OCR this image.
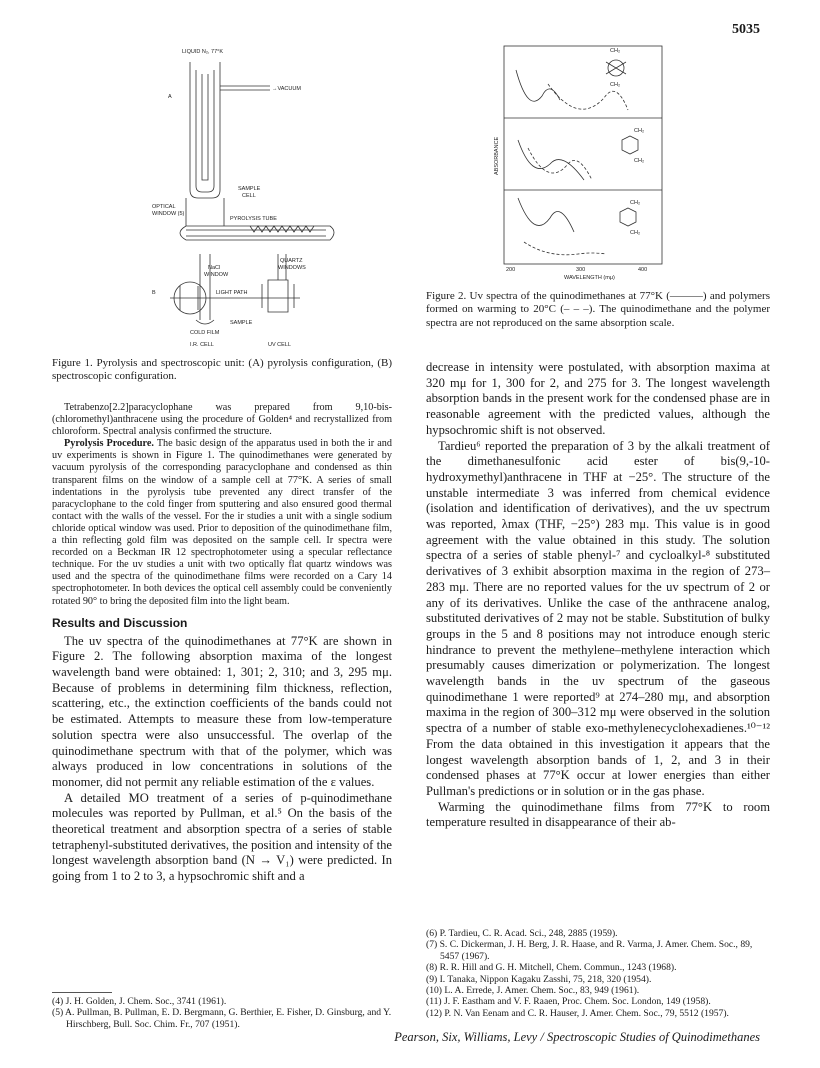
5035
LIQUID N₂, 77°K
→VACUUM
A
SAMPLE
CELL
OPTICAL
WINDOW (5)
PYROLYSIS TUBE
QUARTZ
WINDOWS
NaCl
WINDOW
B	LIGHT PATH
SAMPLE
COLD FILM
I.R. CELL	UV CELL
Figure 1. Pyrolysis and spectroscopic unit: (A) pyrolysis configuration, (B) spectroscopic configuration.
CH₂
CH₂
CH₂
CH₂
CH₂
CH₂
ABSORBANCE
200	300	400
WAVELENGTH (mμ)
Figure 2. Uv spectra of the quinodimethanes at 77°K (———) and polymers formed on warming to 20°C (– – –). The quinodimethane and the polymer spectra are not reproduced on the same absorption scale.

Tetrabenzo[2.2]paracyclophane was prepared from 9,10-bis-(chloromethyl)anthracene using the procedure of Golden⁴ and recrystallized from chloroform. Spectral analysis confirmed the structure.

Pyrolysis Procedure. The basic design of the apparatus used in both the ir and uv experiments is shown in Figure 1. The quinodimethanes were generated by vacuum pyrolysis of the corresponding paracyclophane and condensed as thin transparent films on the window of a sample cell at 77°K. A series of small indentations in the pyrolysis tube prevented any direct transfer of the paracyclophane to the cold finger from sputtering and also ensured good thermal contact with the walls of the vessel. For the ir studies a unit with a single sodium chloride optical window was used. Prior to deposition of the quinodimethane film, a thin reflecting gold film was deposited on the sample cell. Ir spectra were recorded on a Beckman IR 12 spectrophotometer using a specular reflectance technique. For the uv studies a unit with two optically flat quartz windows was used and the spectra of the quinodimethane films were recorded on a Cary 14 spectrophotometer. In both devices the optical cell assembly could be conveniently rotated 90° to bring the deposited film into the light beam.

Results and Discussion

The uv spectra of the quinodimethanes at 77°K are shown in Figure 2. The following absorption maxima of the longest wavelength band were obtained: 1, 301; 2, 310; and 3, 295 mμ. Because of problems in determining film thickness, reflection, scattering, etc., the extinction coefficients of the bands could not be estimated. Attempts to measure these from low-temperature solution spectra were also unsuccessful. The overlap of the quinodimethane spectrum with that of the polymer, which was always produced in low concentrations in solutions of the monomer, did not permit any reliable estimation of the ε values.

A detailed MO treatment of a series of p-quinodimethane molecules was reported by Pullman, et al.⁵ On the basis of the theoretical treatment and absorption spectra of a series of stable tetraphenyl-substituted derivatives, the position and intensity of the longest wavelength absorption band (N → V₁) were predicted. In going from 1 to 2 to 3, a hypsochromic shift and a

(4) J. H. Golden, J. Chem. Soc., 3741 (1961).
(5) A. Pullman, B. Pullman, E. D. Bergmann, G. Berthier, E. Fisher, D. Ginsburg, and Y. Hirschberg, Bull. Soc. Chim. Fr., 707 (1951).

decrease in intensity were postulated, with absorption maxima at 320 mμ for 1, 300 for 2, and 275 for 3. The longest wavelength absorption bands in the present work for the condensed phase are in reasonable agreement with the predicted values, although the hypsochromic shift is not observed.

Tardieu⁶ reported the preparation of 3 by the alkali treatment of the dimethanesulfonic acid ester of bis(9,-10-hydroxymethyl)anthracene in THF at −25°. The structure of the unstable intermediate 3 was inferred from chemical evidence (isolation and identification of derivatives), and the uv spectrum was reported, λmax (THF, −25°) 283 mμ. This value is in good agreement with the value obtained in this study. The solution spectra of a series of stable phenyl-⁷ and cycloalkyl-⁸ substituted derivatives of 3 exhibit absorption maxima in the region of 273–283 mμ. There are no reported values for the uv spectrum of 2 or any of its derivatives. Unlike the case of the anthracene analog, substituted derivatives of 2 may not be stable. Substitution of bulky groups in the 5 and 8 positions may not introduce enough steric hindrance to prevent the methylene–methylene interaction which presumably causes dimerization or polymerization. The longest wavelength bands in the uv spectrum of the gaseous quinodimethane 1 were reported⁹ at 274–280 mμ, and absorption maxima in the region of 300–312 mμ were observed in the solution spectra of a number of stable exo-methylenecyclohexadienes.¹⁰⁻¹² From the data obtained in this investigation it appears that the longest wavelength absorption bands of 1, 2, and 3 in their condensed phases at 77°K occur at lower energies than either Pullman's predictions or in solution or in the gas phase.

Warming the quinodimethane films from 77°K to room temperature resulted in disappearance of their ab-

(6) P. Tardieu, C. R. Acad. Sci., 248, 2885 (1959).
(7) S. C. Dickerman, J. H. Berg, J. R. Haase, and R. Varma, J. Amer. Chem. Soc., 89, 5457 (1967).
(8) R. R. Hill and G. H. Mitchell, Chem. Commun., 1243 (1968).
(9) I. Tanaka, Nippon Kagaku Zasshi, 75, 218, 320 (1954).
(10) L. A. Errede, J. Amer. Chem. Soc., 83, 949 (1961).
(11) J. F. Eastham and V. F. Raaen, Proc. Chem. Soc. London, 149 (1958).
(12) P. N. Van Eenam and C. R. Hauser, J. Amer. Chem. Soc., 79, 5512 (1957).
Pearson, Six, Williams, Levy / Spectroscopic Studies of Quinodimethanes
